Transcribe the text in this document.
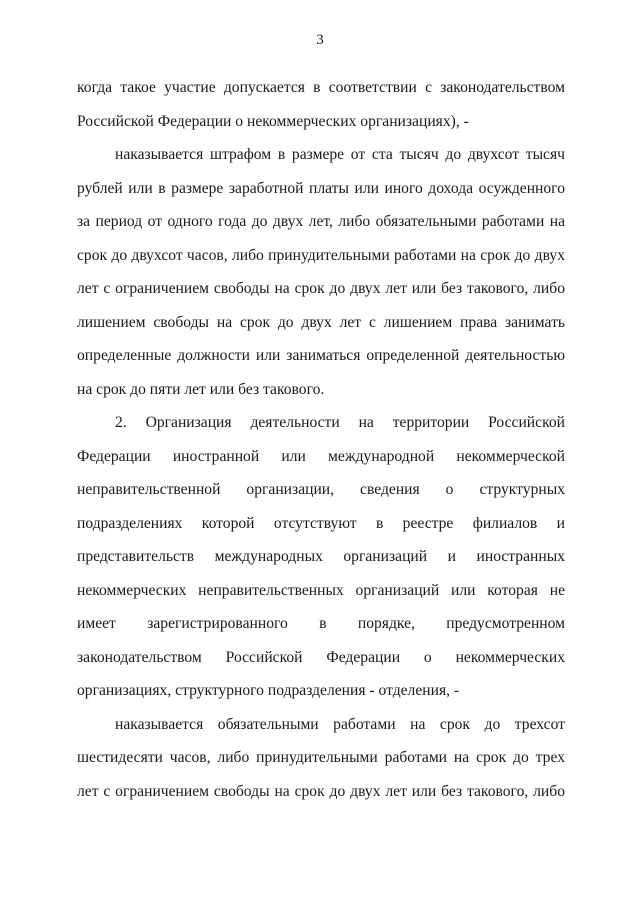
3

когда такое участие допускается в соответствии с законодательством Российской Федерации о некоммерческих организациях), -

наказывается штрафом в размере от ста тысяч до двухсот тысяч рублей или в размере заработной платы или иного дохода осужденного за период от одного года до двух лет, либо обязательными работами на срок до двухсот часов, либо принудительными работами на срок до двух лет с ограничением свободы на срок до двух лет или без такового, либо лишением свободы на срок до двух лет с лишением права занимать определенные должности или заниматься определенной деятельностью на срок до пяти лет или без такового.

2. Организация деятельности на территории Российской Федерации иностранной или международной некоммерческой неправительственной организации, сведения о структурных подразделениях которой отсутствуют в реестре филиалов и представительств международных организаций и иностранных некоммерческих неправительственных организаций или которая не имеет зарегистрированного в порядке, предусмотренном законодательством Российской Федерации о некоммерческих организациях, структурного подразделения - отделения, -

наказывается обязательными работами на срок до трехсот шестидесяти часов, либо принудительными работами на срок до трех лет с ограничением свободы на срок до двух лет или без такового, либо
